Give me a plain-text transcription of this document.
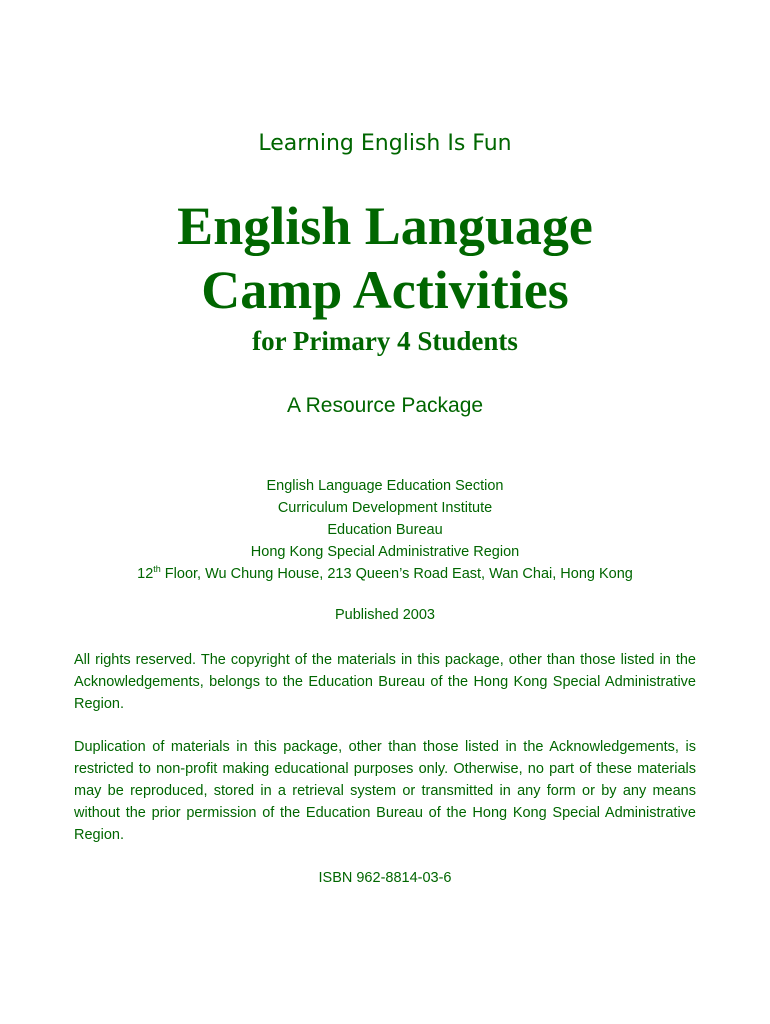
Learning English Is Fun
English Language
Camp Activities
for Primary 4 Students
A Resource Package
English Language Education Section
Curriculum Development Institute
Education Bureau
Hong Kong Special Administrative Region
12th Floor, Wu Chung House, 213 Queen’s Road East, Wan Chai, Hong Kong
Published 2003

All rights reserved. The copyright of the materials in this package, other than those listed in the Acknowledgements, belongs to the Education Bureau of the Hong Kong Special Administrative Region.

Duplication of materials in this package, other than those listed in the Acknowledgements, is restricted to non-profit making educational purposes only. Otherwise, no part of these materials may be reproduced, stored in a retrieval system or transmitted in any form or by any means without the prior permission of the Education Bureau of the Hong Kong Special Administrative Region.

ISBN 962-8814-03-6
